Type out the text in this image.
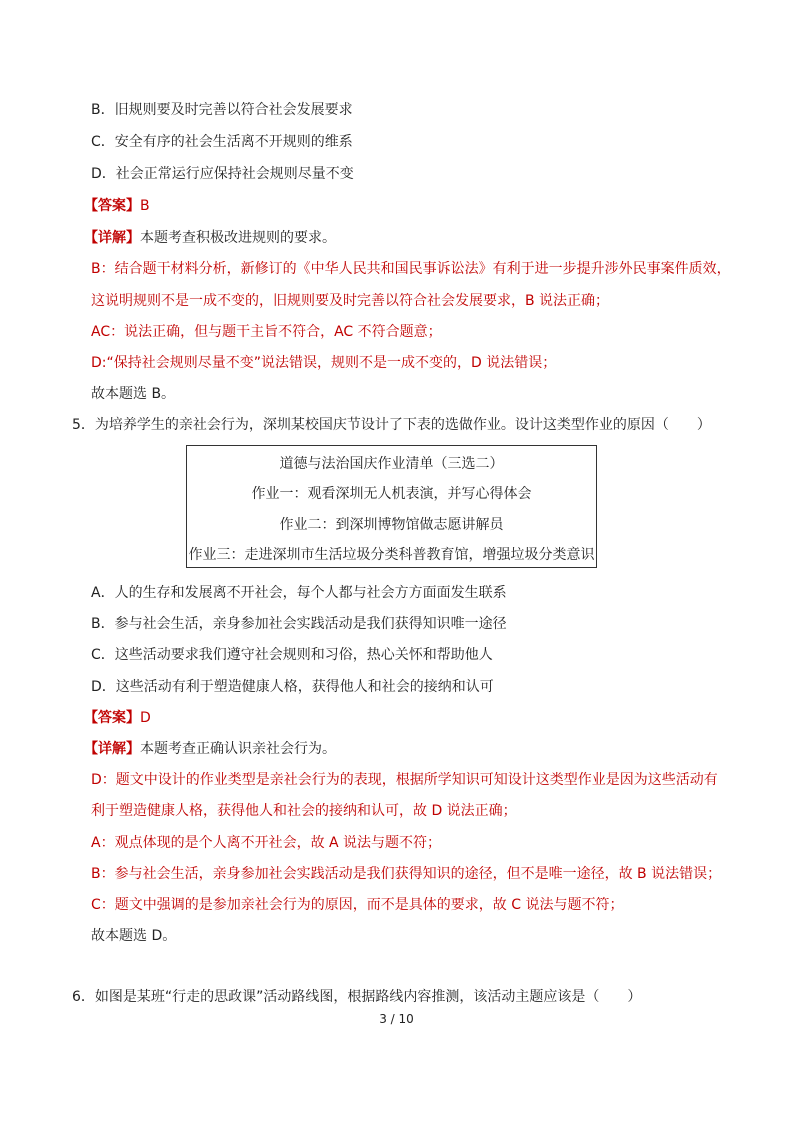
B．旧规则要及时完善以符合社会发展要求
C．安全有序的社会生活离不开规则的维系
D．社会正常运行应保持社会规则尽量不变
【答案】B
【详解】本题考查积极改进规则的要求。
B：结合题干材料分析，新修订的《中华人民共和国民事诉讼法》有利于进一步提升涉外民事案件质效，
这说明规则不是一成不变的，旧规则要及时完善以符合社会发展要求，B 说法正确；
AC：说法正确，但与题干主旨不符合，AC 不符合题意；
D:“保持社会规则尽量不变”说法错误，规则不是一成不变的，D 说法错误；
故本题选 B。
5．为培养学生的亲社会行为，深圳某校国庆节设计了下表的选做作业。设计这类型作业的原因（　　）
道德与法治国庆作业清单（三选二）
作业一：观看深圳无人机表演，并写心得体会
作业二：到深圳博物馆做志愿讲解员
作业三：走进深圳市生活垃圾分类科普教育馆，增强垃圾分类意识
A．人的生存和发展离不开社会，每个人都与社会方方面面发生联系
B．参与社会生活，亲身参加社会实践活动是我们获得知识唯一途径
C．这些活动要求我们遵守社会规则和习俗，热心关怀和帮助他人
D．这些活动有利于塑造健康人格，获得他人和社会的接纳和认可
【答案】D
【详解】本题考查正确认识亲社会行为。
D：题文中设计的作业类型是亲社会行为的表现，根据所学知识可知设计这类型作业是因为这些活动有
利于塑造健康人格，获得他人和社会的接纳和认可，故 D 说法正确；
A：观点体现的是个人离不开社会，故 A 说法与题不符；
B：参与社会生活，亲身参加社会实践活动是我们获得知识的途径，但不是唯一途径，故 B 说法错误；
C：题文中强调的是参加亲社会行为的原因，而不是具体的要求，故 C 说法与题不符；
故本题选 D。
6．如图是某班“行走的思政课”活动路线图，根据路线内容推测，该活动主题应该是（　　）
3 / 10
